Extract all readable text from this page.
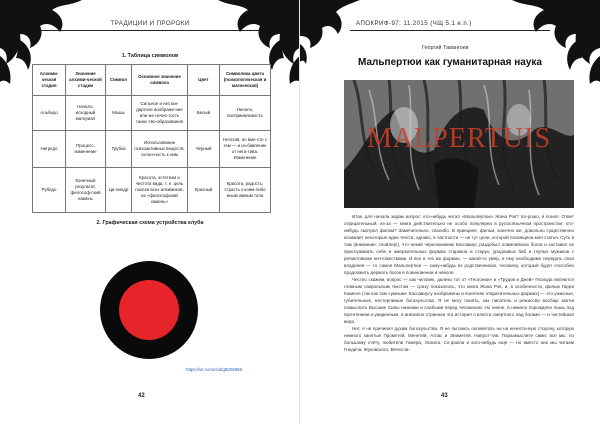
ТРАДИЦИИ И ПРОРОКИ
1. Таблица символов
Алхими-ческая стадия	Значение алхими-ческой стадии	Символ	Основное значение символа	Цвет	Символика цвета (психологическая и магическая)
Альбедо	Начало, исходный материал	Мышь	Сильное и нестан-дартное воображе-ние или же нечис-тость таинс-тво-образования	Белый	Начало, восприимчивость
Нигредо	Процесс, изменение	Трубка	Использование психоактивных веществ, склон-ность к ним	Чёрный	Негатив, но вме-сте с тем — и из-бавление от нега-тива. Изменение
Рубедо	Конечный результат, философ-ский камень	Ци-линдр	Красота, эстетизм и чистота вида, т. е. цель поиска всех алхимиков, их «философский камень»	Красный	Красота, радость, страсть к коим-либо иным живым тела
2. Графическая схема устройства клуба
https://vk.com/clubg8209868
42
АПОКРИФ-97: 11.2015 (ЧЩ 5.1 е.п.)
Георгий Тавангоев
Мальпертюи как гуманитарная наука
MALPERTUIS

Итак, для начала задам вопрос: кто-нибудь читал «Мальпертюи» Жана Рэя? Хо-рошо, я понял. Ответ отрицательный, из-за — книга действительно не особо популярна в русскоязычном пространстве: кто-нибудь смотрел фильм? Замечательно, спасибо. В принципе, фильм, конечно же, довольно существенно искажает некоторые идеи текста, однако, в частности — не тут цели, которой посвящена моя статья. Суть в том (внимание: спойлер!), что некий чернокнижник Кассавиус раздобыл олимпийских богов и заставил их прислуживать себе в омерзительных формах стариков и старух, уродливых баб и глупых мужиков с реликтовыми ничтожествами. И все в тех же формах, — какой-то умер, и ему необходимо передать свои владения — то самое Мальпертюи — кому-нибудь из родственников, человеку, который будет способен продолжить держать богов в повиновении и неволе.

Честно скажем, вопрос — как человек, далеко тот от «Теогонии» и «Трудов и Дней» Гесиода являются главным сакральным текстом — сразу показалось, что книга Жана Рэя, и, в особенности, фильм Гарри Кюмеля (так как там «умным» Кассавиусу изображены в понятиях отвратительных формах) — это ужасные, губительные, нестерпимые богохульства. Я не могу понять, как писатель и режиссёр вообще могли помыслить Высшие Силы низкими и слабыми перед человеком. Но иначе, в немало порождено лишь под прочтением и увиденным, и внезапно странная эта история о власти смертного над богами — и чистейшая вера.

Нет, я не причинял духам богохульства. Я не пытаюсь оклеветать ни на нечести-вую сторону, которую немного занятые Прометей, Менетий, Атлас и Эпиметей. Напрот-тив. Поразмыслите сами: все мы, по большому счёту, любители Гомера, Эсхила, Со-фокла и кого-нибудь ещё — но вместо них мы читаем Гнедича, Жуковского, Вячесла-

43
